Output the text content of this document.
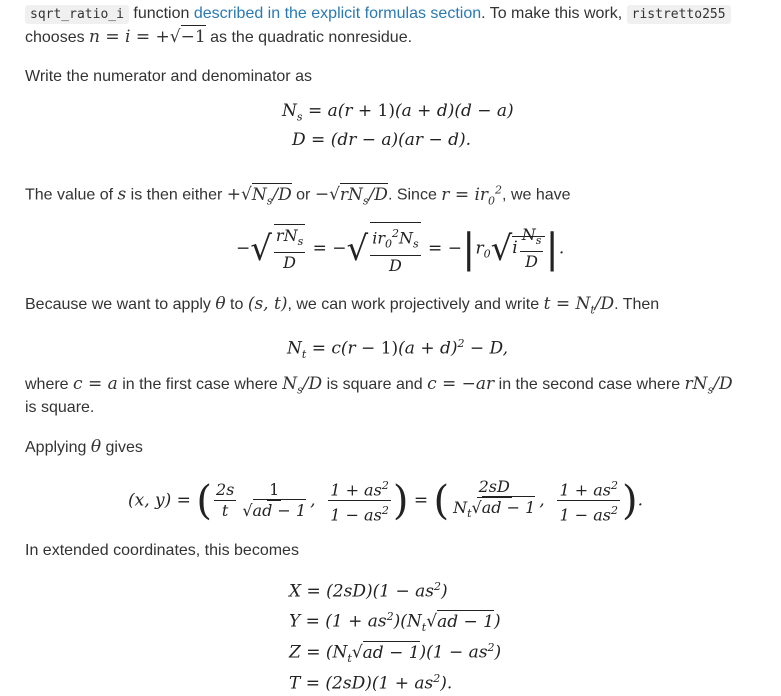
sqrt_ratio_i function described in the explicit formulas section. To make this work, ristretto255
chooses n = i = +√−1 as the quadratic nonresidue.
Write the numerator and denominator as
$N_s = a(r + 1)(a + d)(d - a)$
D = (dr − a)(ar − d).
The value of s is then either $+√N_s/D$ or $-√rN_s/D$. Since $r = ir_0^2$, we have
−√ $\frac{rN_s}{D}$ = −√ $\frac{ir_0^2N_s}{D} = -|r_0√i \frac{N_s}{D}$ |.
Because we want to apply θ to (s, t), we can work projectively and write $t = N_t/D$. Then
$N_t = c(r - 1)(a + d)^2 - D$,
where c = a in the first case where $N_s/D$ is square and c = −ar in the second case where $rN_s/D$
is square.
Applying θ gives
(x, y) = ( $\frac{2s}{t} \frac{1}{√ad - 1}$ , $\frac{1 + as^2}{1 - as^2}$ ) = ( $\frac{2sD}{N_t√ad - 1}$ , $\frac{1 + as^2}{1 - as^2}$ ).
In extended coordinates, this becomes
$X = (2sD)(1 - as^2)$
$Y = (1 + as^2)(N_t√ad - 1)$
$Z = (N_t√ad - 1)(1 - as^2)$
$T = (2sD)(1 + as^2)$.
